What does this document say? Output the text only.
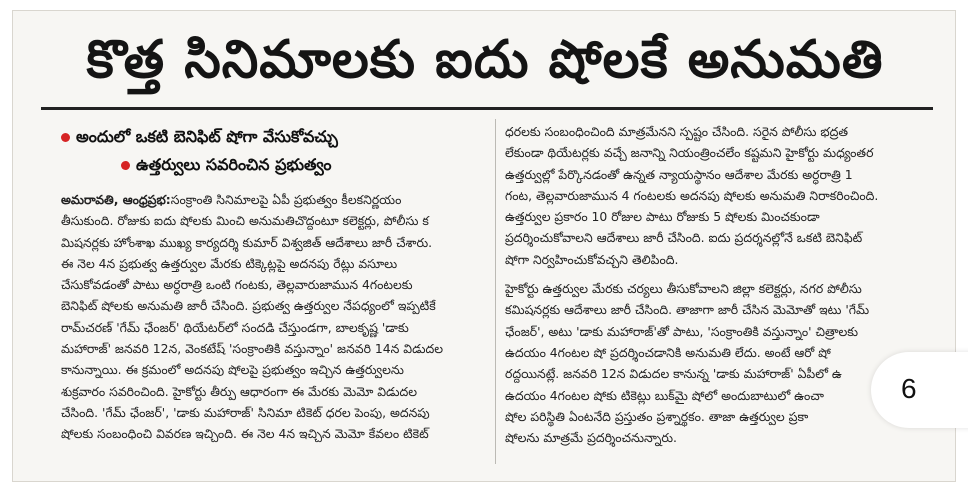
కొత్త సినిమాలకు ఐదు షోలకే అనుమతి
అందులో ఒకటి బెనిఫిట్ షోగా వేసుకోవచ్చు
ఉత్తర్వులు సవరించిన ప్రభుత్వం

అమరావతి, ఆంధ్రప్రభ:సంక్రాంతి సినిమాలపై ఏపీ ప్రభుత్వం కీలకనిర్ణయం

తీసుకుంది. రోజుకు ఐదు షోలకు మించి అనుమతిచొద్దంటూ కలెక్టర్లు, పోలీసు క

మిషనర్లకు హోంశాఖ ముఖ్య కార్యదర్శి కుమార్ విశ్వజిత్ ఆదేశాలు జారీ చేశారు.

ఈ నెల 4న ప్రభుత్వ ఉత్తర్వుల మేరకు టిక్కెట్లపై అదనపు రేట్లు వసూలు

చేసుకోవడంతో పాటు అర్ధరాత్రి ఒంటి గంటకు, తెల్లవారుజామున 4గంటలకు

బెనిఫిట్ షోలకు అనుమతి జారీ చేసింది. ప్రభుత్వ ఉత్తర్వుల నేపధ్యంలో ఇప్పటికే

రామ్‌చరణ్ 'గేమ్ ఛేంజర్' థియేటర్‌లో సందడి చేస్తుండగా, బాలకృష్ణ 'డాకు

మహారాజ్' జనవరి 12న, వెంకటేష్ 'సంక్రాంతికి వస్తున్నాం' జనవరి 14న విడుదల

కానున్నాయి. ఈ క్రమంలో అదనపు షోలపై ప్రభుత్వం ఇచ్చిన ఉత్తర్వులను

శుక్రవారం సవరించింది. హైకోర్టు తీర్పు ఆధారంగా ఈ మేరకు మెమో విడుదల

చేసింది. 'గేమ్ ఛేంజర్', 'డాకు మహారాజ్' సినిమా టికెట్ ధరల పెంపు, అదనపు

షోలకు సంబంధించి వివరణ ఇచ్చింది. ఈ నెల 4న ఇచ్చిన మెమో కేవలం టికెట్

ధరలకు సంబంధించింది మాత్రమేనని స్పష్టం చేసింది. సరైన పోలీసు భద్రత

లేకుండా థియేటర్లకు వచ్చే జనాన్ని నియంత్రించలేం కష్టమని హైకోర్టు మధ్యంతర

ఉత్తర్వుల్లో పేర్కొనడంతో ఉన్నత న్యాయస్థానం ఆదేశాల మేరకు అర్ధరాత్రి 1

గంట, తెల్లవారుజామున 4 గంటలకు అదనపు షోలకు అనుమతి నిరాకరించింది.

ఉత్తర్వుల ప్రకారం 10 రోజుల పాటు రోజుకు 5 షోలకు మించకుండా

ప్రదర్శించుకోవాలని ఆదేశాలు జారీ చేసింది. ఐదు ప్రదర్శనల్లోనే ఒకటి బెనిఫిట్

షోగా నిర్వహించుకోవచ్చని తెలిపింది.

హైకోర్టు ఉత్తర్వుల మేరకు చర్యలు తీసుకోవాలని జిల్లా కలెక్టర్లు, నగర పోలీసు

కమిషనర్లకు ఆదేశాలు జారీ చేసింది. తాజాగా జారీ చేసిన మెమోతో ఇటు 'గేమ్

ఛేంజర్', అటు 'డాకు మహారాజ్'తో పాటు, 'సంక్రాంతికి వస్తున్నాం' చిత్రాలకు

ఉదయం 4గంటల షో ప్రదర్శించడానికి అనుమతి లేదు. అంటే ఆరో షో

రద్దయినట్లే. జనవరి 12న విడుదల కానున్న 'డాకు మహారాజ్' ఏపీలో ఉ

ఉదయం 4గంటల షోకు టికెట్లు బుక్‌మై షోలో అందుబాటులో ఉంచా

షోల పరిస్థితి ఏంటనేది ప్రస్తుతం ప్రశ్నార్థకం. తాజా ఉత్తర్వుల ప్రకా

షోలను మాత్రమే ప్రదర్శించనున్నారు.

6
